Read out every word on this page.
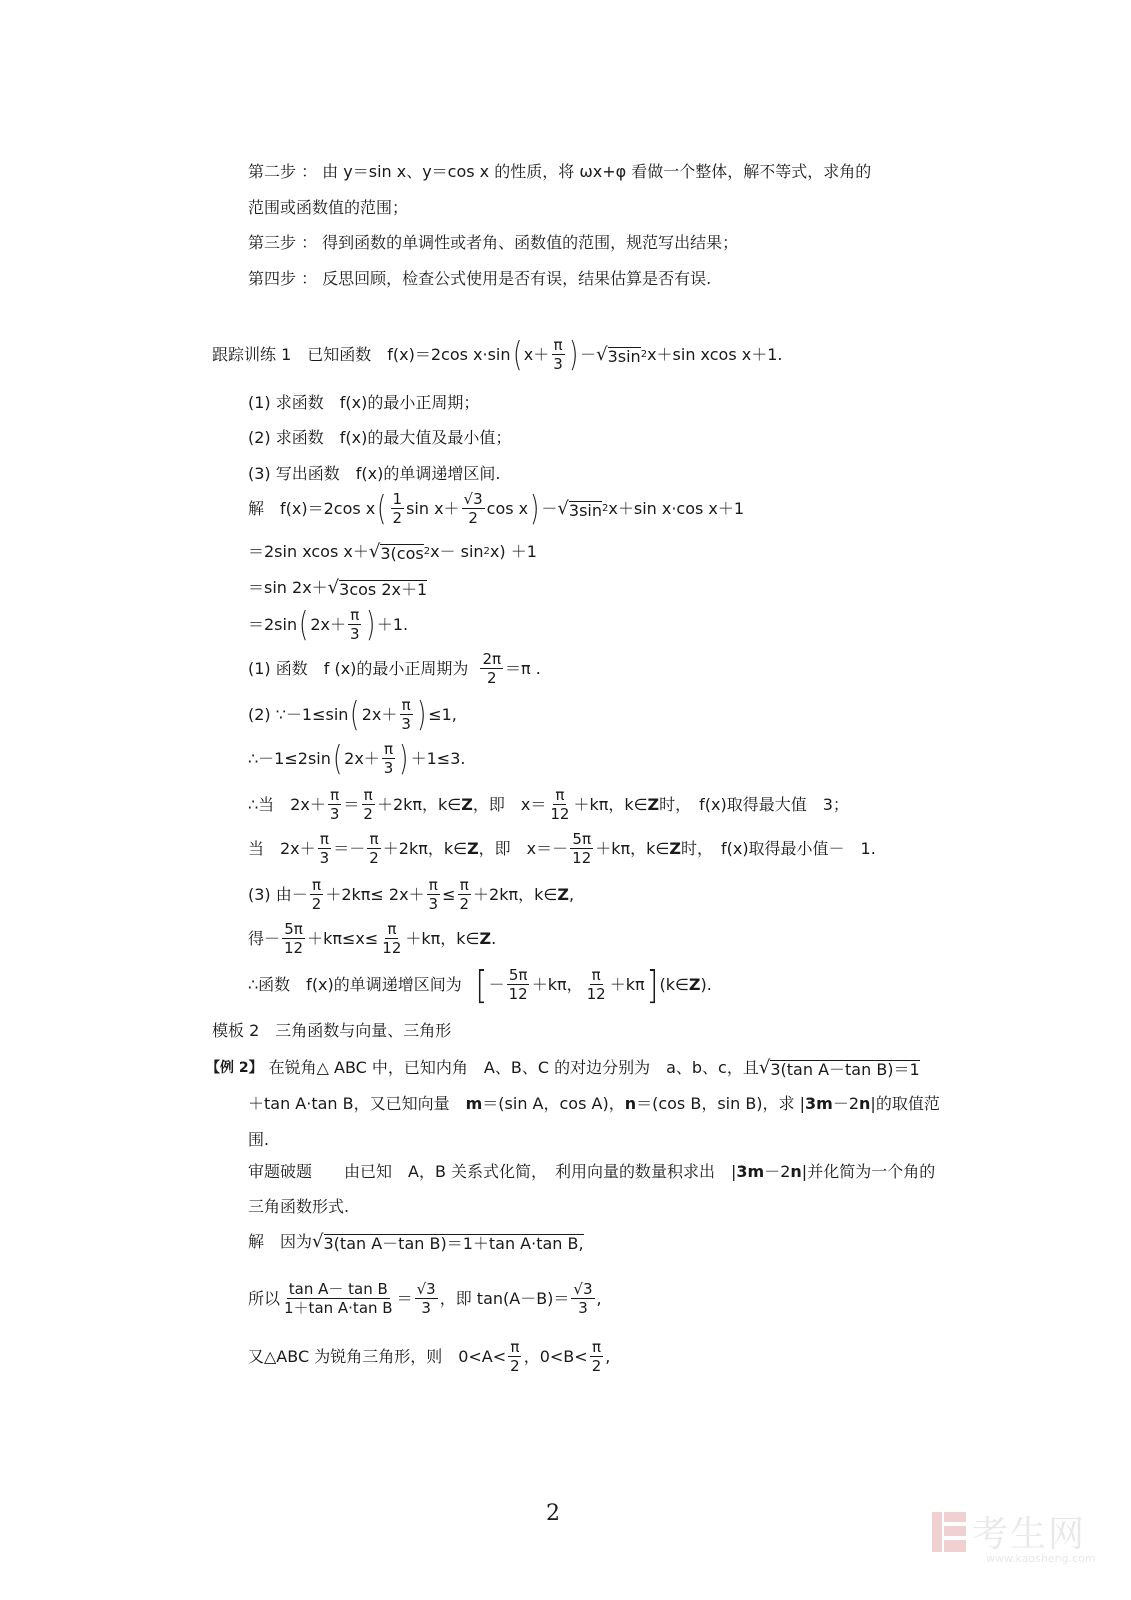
第二步 ： 由 y＝sin x、y＝cos x 的性质，将 ωx+φ 看做一个整体，解不等式，求角的
范围或函数值的范围；
第三步 ： 得到函数的单调性或者角、函数值的范围，规范写出结果；
第四步 ： 反思回顾，检查公式使用是否有误，结果估算是否有误.
跟踪训练 1　已知函数　f(x)＝2cos x·sin ( $x+ \frac{\pi}{3}$ ) － √ 3sin 2 x＋sin xcos x＋1.
(1) 求函数　f(x)的最小正周期；
(2) 求函数　f(x)的最大值及最小值；
(3) 写出函数　f(x)的单调递增区间.
解　f(x)＝2cos x ( $\frac{1}{2}$ $\sin x+ \frac{√3}{2}$ cos x ) － √ 3sin 2 x＋sin x·cos x＋1
＝2sin xcos x＋ √ 3(cos 2 x－ sin 2 x) ＋1
＝sin 2x＋ √ 3cos 2x＋1
＝2sin ( $2x+ \frac{\pi}{3}$ ) ＋1.
(1) 函数　f (x)的最小正周期为 $\frac{2\pi}{2} =\pi$ .
(2) ∵－1≤sin ( $2x+ \frac{\pi}{3}$ ) ≤1,
∴－1≤2sin ( $2x+ \frac{\pi}{3}$ ) ＋1≤3.
∴当　$2x+ \frac{\pi}{3} = \frac{\pi}{2} +2k\pi$，k∈ Z ，即　$x= \frac{\pi}{12} +k\pi$，k∈ Z 时，　f(x)取得最大值　3；
当　$2x+ \frac{\pi}{3} =- \frac{\pi}{2} +2k\pi$，k∈ Z ，即　$x=- \frac{5\pi}{12} +k\pi$，k∈ Z 时，　f(x)取得最小值－　1.
(3) 由－ $\frac{\pi}{2} +2k\pi\le 2x+ \frac{\pi}{3} \le \frac{\pi}{2} +2k\pi$，k∈ Z ,
得－ $\frac{5\pi}{12} +k\pi\le x\le \frac{\pi}{12} +k\pi$，k∈ Z .
∴函数　f(x)的单调递增区间为 [ － $\frac{5\pi}{12} +k\pi$， $\frac{\pi}{12} +k\pi$ ] (k∈ Z ).
模板 2　三角函数与向量、三角形
【例 2】 在锐角△ ABC 中，已知内角　A、B、C 的对边分别为　a、b、c，且 √ 3(tan A－tan B)＝1
＋tan A·tan B，又已知向量　m＝(sin A，cos A)，n＝(cos B，sin B)，求 |3m－2n|的取值范
围.
审题破题　　由已知　A，B 关系式化简，　利用向量的数量积求出　|3m－2n|并化简为一个角的
三角函数形式.
解　因为 √ 3(tan A－tan B)＝1＋tan A·tan B,
所以 $\frac{\text{tan A－ tan B}}{\text{1＋tan A·tan B}} = \frac{√3}{3}$ ，即 $\tan(A-B)= \frac{√3}{3}$ ,
又△ABC 为锐角三角形，则　$0<A< \frac{\pi}{2}$ ，$0<B< \frac{\pi}{2}$ ,
2
考生网
www.kaosheng.com
